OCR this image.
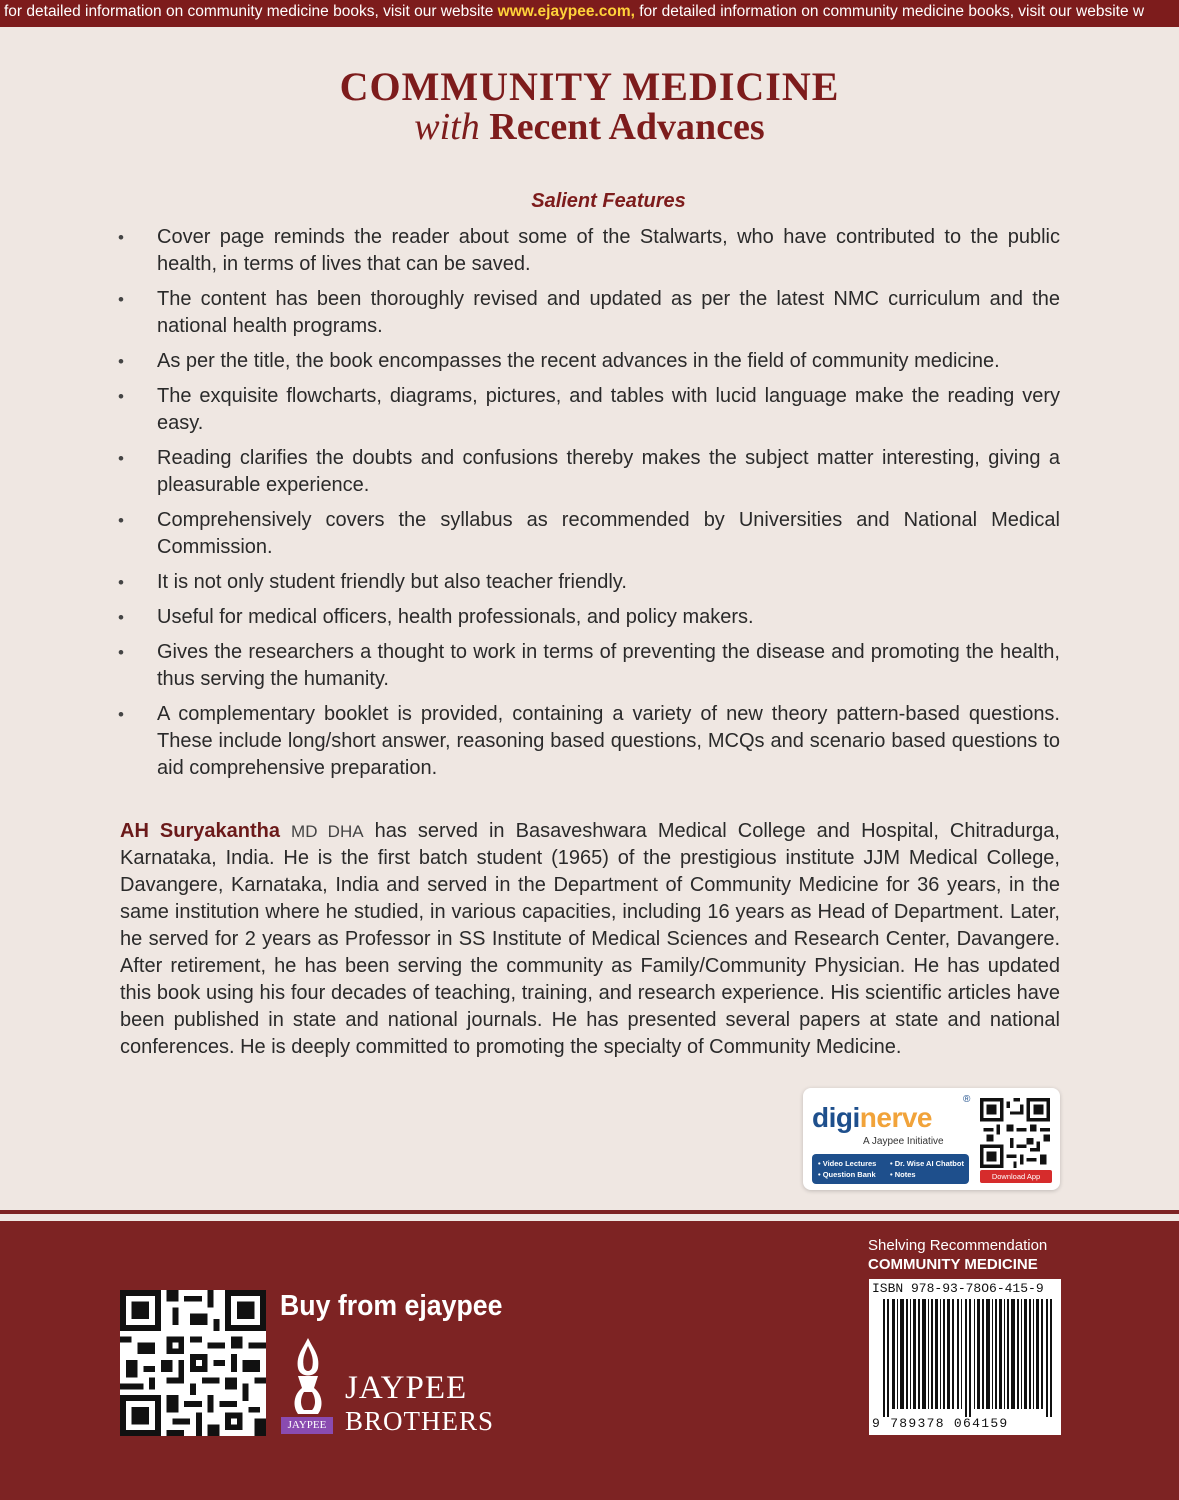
for detailed information on community medicine books, visit our website www.ejaypee.com, for detailed information on community medicine books, visit our website w
COMMUNITY MEDICINE
with Recent Advances
Salient Features
• Cover page reminds the reader about some of the Stalwarts, who have contributed to the public health, in terms of lives that can be saved.
• The content has been thoroughly revised and updated as per the latest NMC curriculum and the national health programs.
• As per the title, the book encompasses the recent advances in the field of community medicine.
• The exquisite flowcharts, diagrams, pictures, and tables with lucid language make the reading very easy.
• Reading clarifies the doubts and confusions thereby makes the subject matter interesting, giving a pleasurable experience.
• Comprehensively covers the syllabus as recommended by Universities and National Medical Commission.
• It is not only student friendly but also teacher friendly.
• Useful for medical officers, health professionals, and policy makers.
• Gives the researchers a thought to work in terms of preventing the disease and promoting the health, thus serving the humanity.
• A complementary booklet is provided, containing a variety of new theory pattern-based questions. These include long/short answer, reasoning based questions, MCQs and scenario based questions to aid comprehensive preparation.

AH Suryakantha MD DHA has served in Basaveshwara Medical College and Hospital, Chitradurga, Karnataka, India. He is the first batch student (1965) of the prestigious institute JJM Medical College, Davangere, Karnataka, India and served in the Department of Community Medicine for 36 years, in the same institution where he studied, in various capacities, including 16 years as Head of Department. Later, he served for 2 years as Professor in SS Institute of Medical Sciences and Research Center, Davangere. After retirement, he has been serving the community as Family/Community Physician. He has updated this book using his four decades of teaching, training, and research experience. His scientific articles have been published in state and national journals. He has presented several papers at state and national conferences. He is deeply committed to promoting the specialty of Community Medicine.

diginerve
®
A Jaypee Initiative
• Video Lectures • Dr. Wise AI Chatbot
• Question Bank • Notes	Download App
Buy from ejaypee
JAYPEE
JAYPEE
BROTHERS
Shelving Recommendation
COMMUNITY MEDICINE
ISBN 978-93-78O6-415-9
9 789378 064159
